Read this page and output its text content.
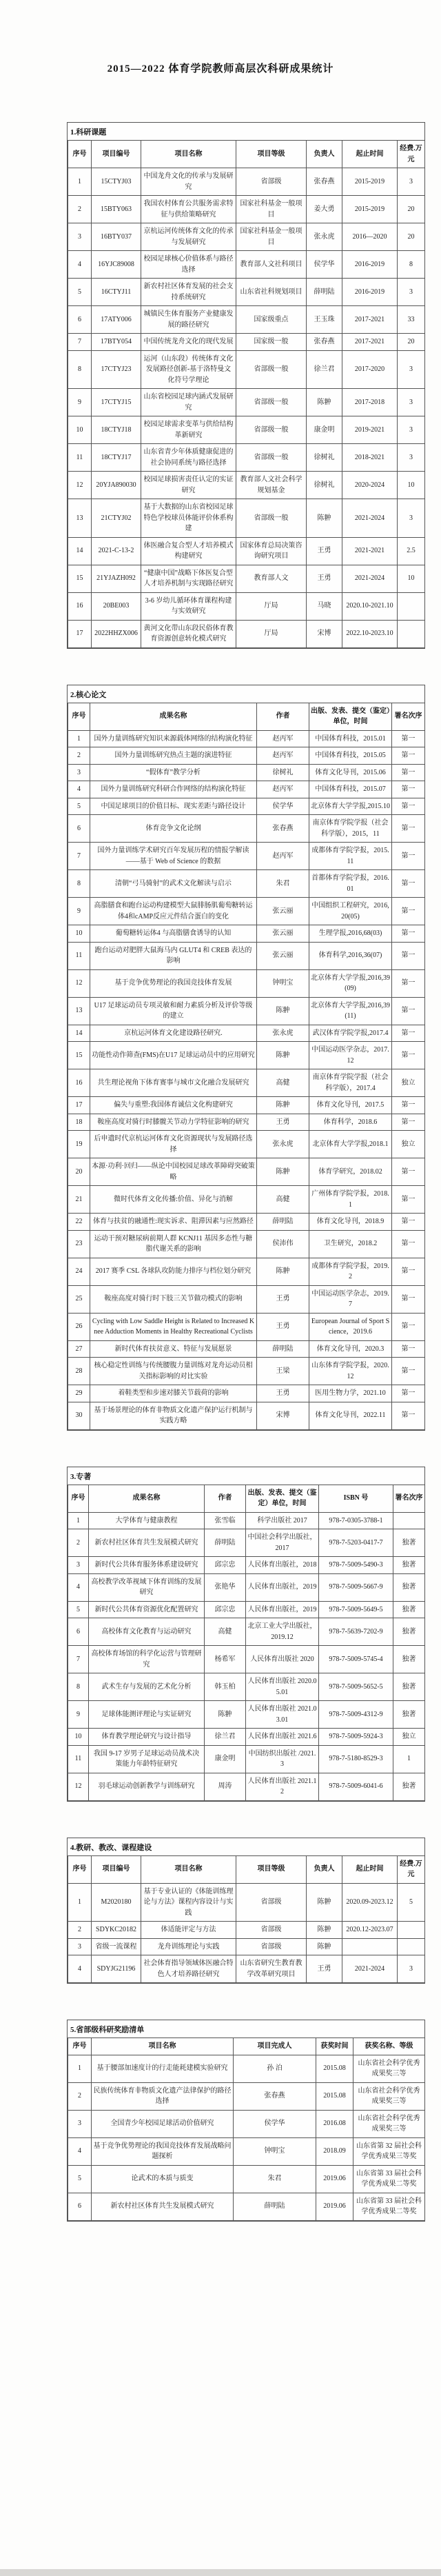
2015—2022 体育学院教师高层次科研成果统计
1.科研课题
序号	项目编号	项目名称	项目等级	负责人	起止时间	经费.万元
1	15CTYJ03	中国龙舟文化的传承与发展研究	省部级	张春燕	2015-2019	3
2	15BTY063	我国农村体育公共服务需求特征与供给策略研究	国家社科基金一般项目	姜大勇	2015-2019	20
3	16BTY037	京杭运河传统体育文化的传承与发展研究	国家社科基金一般项目	张永虎	2016—2020	20
4	16YJC89008	校园足球核心价值体系与路径选择	教育部人文社科项目	侯学华	2016-2019	8
5	16CTYJ11	新农村社区体育发展的社会支持系统研究	山东省社科规划项目	薛明陆	2016-2019	3
6	17ATY006	城镇民生体育服务产业健康发展的路径研究	国家级重点	王玉珠	2017-2021	33
7	17BTY054	中国传统龙舟文化的现代发展	国家级一般	张春燕	2017-2021	20
8	17CTYJ23	运河（山东段）传统体育文化发展路径创新-基于洛特曼文化符号学理论	省部级一般	徐兰君	2017-2020	3
9	17CTYJ15	山东省校园足球内涵式发展研究	省部级一般	陈翀	2017-2018	3
10	18CTYJ18	校园足球需求变革与供给结构革新研究	省部级一般	康金明	2019-2021	3
11	18CTYJ17	山东省青少年体质健康促进的社会协同系统与路径选择	省部级一般	徐树礼	2018-2021	3
12	20YJA890030	校园足球损害责任认定的实证研究	教育部人文社会科学规划基金	徐树礼	2020-2024	10
13	21CTYJ02	基于大数据的山东省校园足球特色学校球员体能评价体系构建	省部级一般	陈翀	2021-2024	3
14	2021-C-13-2	体医融合复合型人才培养模式构建研究	国家体育总局决策咨询研究项目	王勇	2021-2021	2.5
15	21YJAZH092	“健康中国”战略下体医复合型人才培养机制与实现路径研究	教育部人文	王勇	2021-2024	10
16	20BE003	3-6 岁幼儿循环体育课程构建与实效研究	厅局	马晓	2020.10-2021.10	
17	2022HHZX006	黄河文化带山东段民俗体育教育资源创意转化模式研究	厅局	宋博	2022.10-2023.10	
2.核心论文
序号	成果名称	作者	出版、发表、提交（鉴定）单位，时间	署名次序
1	国外力量训练研究知识来源载体网络的结构演化特征	赵丙军	中国体育科技，2015.01	第一
2	国外力量训练研究热点主题的演进特征	赵丙军	中国体育科技，2015.05	第一
3	“假体育”教学分析	徐树礼	体育文化导刊，2015.06	第一
4	国外力量训练研究科研合作网络的结构演化特征	赵丙军	中国体育科技，2015.07	第一
5	中国足球项目的价值目标、现实差距与路径设计	侯学华	北京体育大学学报,2015.10	第一
6	体育竞争文化论纲	张春燕	南京体育学院学报（社会科学版），2015，11	第一
7	国外力量训练学术研究百年发展历程的情报学解读——基于 Web of Science 的数据	赵丙军	成都体育学院学报，2015.11	第一
8	清朝“弓马骑射”的武术文化解读与启示	朱君	首都体育学院学报，2016.01	第一
9	高脂膳食和跑台运动构建模型大鼠腓肠肌葡萄糖转运体4和cAMP反应元件结合蛋白的变化	张云丽	中国组织工程研究，2016,20(05)	第一
10	葡萄糖转运体4 与高脂膳食诱导的认知	张云丽	生理学报,2016,68(03)	第一
11	跑台运动对肥胖大鼠海马内 GLUT4 和 CREB 表达的影响	张云丽	体育科学,2016,36(07)	第一
12	基于竞争优势理论的我国竞技体育发展	钟明宝	北京体育大学学报,2016,39(09)	第一
13	U17 足球运动员专项灵敏和耐力素质分析及评价等级的建立	陈翀	北京体育大学学报,2016,39(11)	第一
14	京杭运河体育文化建设路径研究.	张永虎	武汉体育学院学报,2017.4	第一
15	功能性动作筛查(FMS)在U17 足球运动员中的应用研究	陈翀	中国运动医学杂志，2017.12	第一
16	共生理论视角下体育赛事与城市文化融合发展研究	高健	南京体育学院学报（社会科学版），2017.4	独立
17	偏失与重塑:我国体育诚信文化构建研究	陈翀	体育文化导刊，2017.5	第一
18	鞍座高度对骑行时膝髋关节动力学特征影响的研究	王勇	体育科学，2018.6	第一
19	后申遗时代京杭运河体育文化资源现状与发展路径选择	张永虎	北京体育大学学报,2018.1	独立
20	本源·功利·回归——纵论中国校园足球改革障碍突破策略	陈翀	体育学研究，2018.02	第一
21	微时代体育文化传播:价值、异化与消解	高健	广州体育学院学报，2018.1	第一
22	体育与扶贫的融通性:现实诉求、阻滞因素与应然路径	薛明陆	体育文化导刊，2018.9	第一
23	运动干预对糖尿病前期人群 KCNJ11 基因多态性与糖脂代谢关系的影响	侯沛伟	卫生研究，2018.2	第一
24	2017 赛季 CSL 各球队攻防能力排序与档位划分研究	陈翀	成都体育学院学报，2019.2	第一
25	鞍座高度对骑行时下肢三关节做功模式的影响	王勇	中国运动医学杂志，2019.7	第一
26	Cycling with Low Saddle Height is Related to Increased Knee Adduction Moments in Healthy Recreational Cyclists	王勇	European Journal of Sport Science，2019.6	第一
27	新时代体育扶贫意义、特征与发展愿景	薛明陆	体育文化导刊，2020.3	第一
28	核心稳定性训练与传统腰腹力量训练对龙舟运动员相关指标影响的对比实验	王梁	山东体育学院学报，2020.12	第一
29	着鞋类型和步速对膝关节载荷的影响	王勇	医用生物力学，2021.10	第一
30	基于场景理论的体育非物质文化遗产保护运行机制与实践方略	宋博	体育文化导刊，2022.11	第一
3.专著
序号	成果名称	作者	出版、发表、提交（鉴定）单位，时间	ISBN 号	署名次序
1	大学体育与健康教程	张雪临	科学出版社 2017	978-7-0305-3788-1	
2	新农村社区体育共生发展模式研究	薛明陆	中国社会科学出版社，2017	978-7-5203-0417-7	独著
3	新时代公共体育服务体系建设研究	邱宗忠	人民体育出版社，2018	978-7-5009-5490-3	独著
4	高校教学改革视域下体育训练的发展研究	张艳华	人民体育出版社，2019	978-7-5009-5667-9	独著
5	新时代公共体育资源优化配置研究	邱宗忠	人民体育出版社，2019	978-7-5009-5649-5	独著
6	高校体育文化教育与运动研究	高健	北京工业大学出版社，2019.12	978-7-5639-7202-9	独著
7	高校体育场馆的科学化运营与管理研究	杨希军	人民体育出版社 2020	978-7-5009-5745-4	独著
8	武术生存与发展的艺术化分析	韩玉柏	人民体育出版社 2020.05.01	978-7-5009-5652-5	独著
9	足球体能测评理论与实证研究	陈翀	人民体育出版社 2021.03.01	978-7-5009-4312-9	独著
10	体育教学理论研究与设计指导	徐兰君	人民体育出版社 2021.6	978-7-5009-5924-3	独立
11	我国 9-17 岁男子足球运动员战术决策能力年龄特征研究	康金明	中国纺织出版社 /2021.3	978-7-5180-8529-3	1
12	羽毛球运动创新教学与训练研究	周涛	人民体育出版社 2021.12	978-7-5009-6041-6	独著
4.教研、教改、课程建设
序号	项目编号	项目名称	项目等级	负责人	起止时间	经费.万元
1	M2020180	基于专业认证的《体能训练理论与方法》课程内容设计与实践	省部级	陈翀	2020.09-2023.12	5
2	SDYKC20182	体适能评定与方法	省部级	陈翀	2020.12-2023.07	
3	省级一流课程	龙舟训练理论与实践	省部级	陈翀		
4	SDYJG21196	社会体育指导领域体医融合特色人才培养路径研究	山东省研究生教育教学改革研究项目	王勇	2021-2024	3
5.省部级科研奖励清单
序号	项目名称	项目完成人	获奖时间	获奖名称、等级
1	基于腰部加速度计的行走能耗建模实验研究	孙 泊	2015.08	山东省社会科学优秀成果奖三等
2	民族传统体育非物质文化遗产法律保护的路径选择	张春燕	2015.08	山东省社会科学优秀成果奖三等
3	全国青少年校园足球活动价值研究	侯学华	2016.08	山东省社会科学优秀成果奖三等
4	基于竞争优势理论的我国竞技体育发展战略问题探析	钟明宝	2018.09	山东省第 32 届社会科学优秀成果三等奖
5	论武术的本质与质变	朱君	2019.06	山东省第 33 届社会科学优秀成果二等奖
6	新农村社区体育共生发展模式研究	薛明陆	2019.06	山东省第 33 届社会科学优秀成果二等奖
